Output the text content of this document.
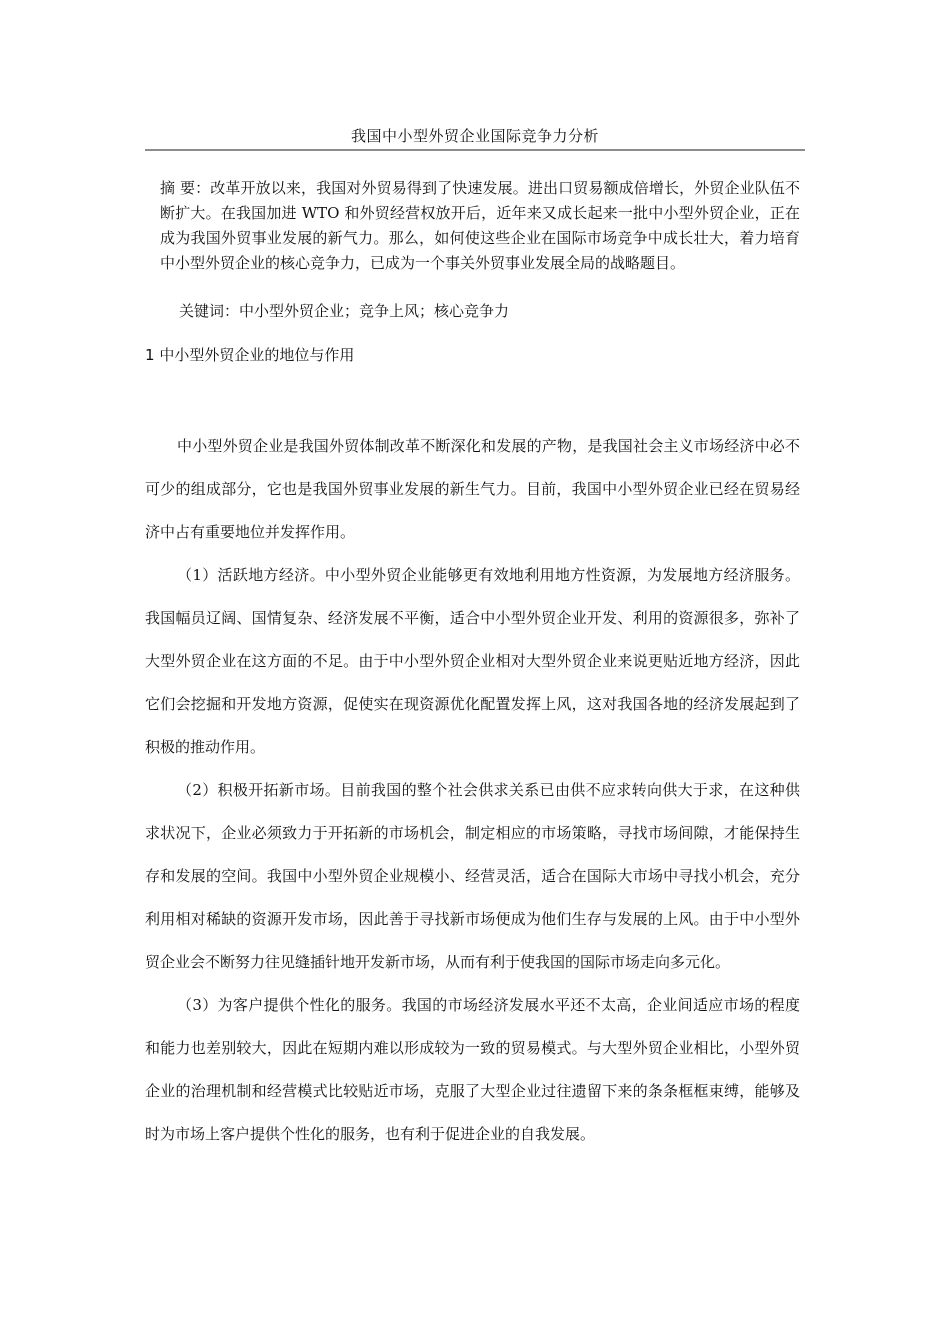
我国中小型外贸企业国际竞争力分析
摘 要：改革开放以来，我国对外贸易得到了快速发展。进出口贸易额成倍增长，外贸企业队伍不断扩大。在我国加进 WTO 和外贸经营权放开后，近年来又成长起来一批中小型外贸企业，正在成为我国外贸事业发展的新气力。那么，如何使这些企业在国际市场竞争中成长壮大，着力培育中小型外贸企业的核心竞争力，已成为一个事关外贸事业发展全局的战略题目。
关键词：中小型外贸企业；竞争上风；核心竞争力
1 中小型外贸企业的地位与作用

中小型外贸企业是我国外贸体制改革不断深化和发展的产物，是我国社会主义市场经济中必不可少的组成部分，它也是我国外贸事业发展的新生气力。目前，我国中小型外贸企业已经在贸易经济中占有重要地位并发挥作用。

（1）活跃地方经济。中小型外贸企业能够更有效地利用地方性资源，为发展地方经济服务。我国幅员辽阔、国情复杂、经济发展不平衡，适合中小型外贸企业开发、利用的资源很多，弥补了大型外贸企业在这方面的不足。由于中小型外贸企业相对大型外贸企业来说更贴近地方经济，因此它们会挖掘和开发地方资源，促使实在现资源优化配置发挥上风，这对我国各地的经济发展起到了积极的推动作用。

（2）积极开拓新市场。目前我国的整个社会供求关系已由供不应求转向供大于求，在这种供求状况下，企业必须致力于开拓新的市场机会，制定相应的市场策略，寻找市场间隙，才能保持生存和发展的空间。我国中小型外贸企业规模小、经营灵活，适合在国际大市场中寻找小机会，充分利用相对稀缺的资源开发市场，因此善于寻找新市场便成为他们生存与发展的上风。由于中小型外贸企业会不断努力往见缝插针地开发新市场，从而有利于使我国的国际市场走向多元化。

（3）为客户提供个性化的服务。我国的市场经济发展水平还不太高，企业间适应市场的程度和能力也差别较大，因此在短期内难以形成较为一致的贸易模式。与大型外贸企业相比，小型外贸企业的治理机制和经营模式比较贴近市场，克服了大型企业过往遗留下来的条条框框束缚，能够及时为市场上客户提供个性化的服务，也有利于促进企业的自我发展。
